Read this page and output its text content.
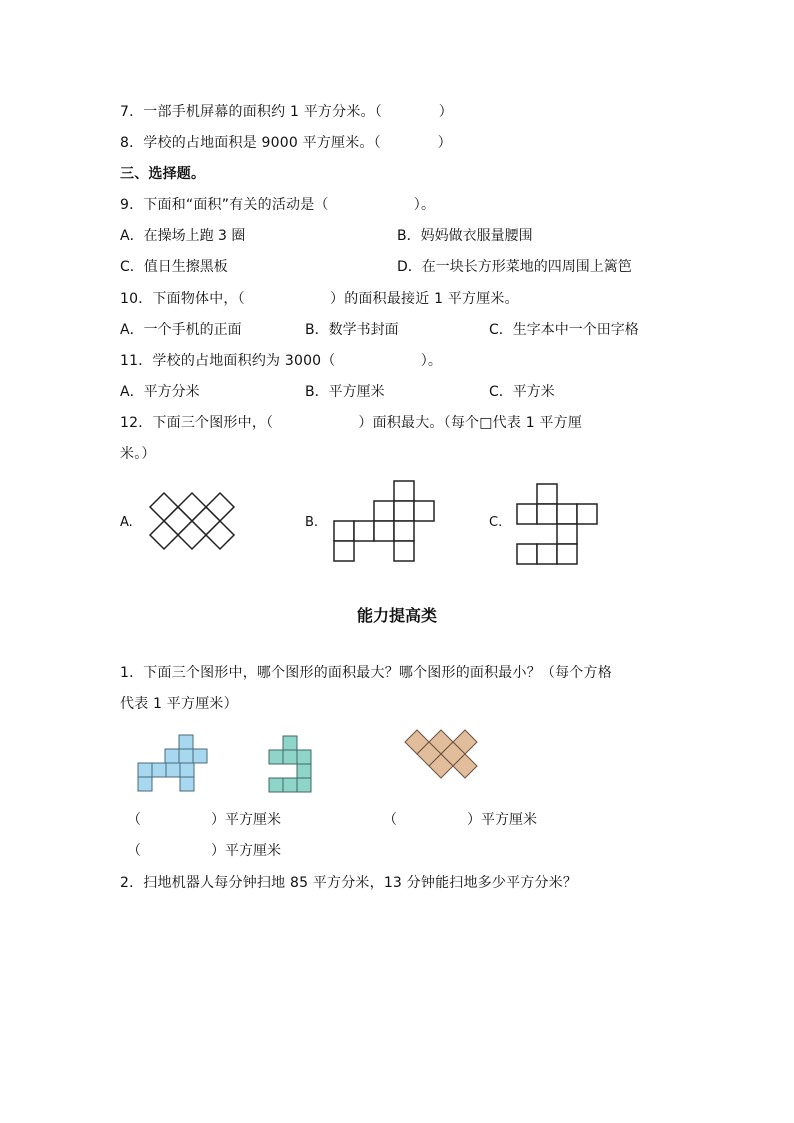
7．一部手机屏幕的面积约 1 平方分米。（　　　　）
8．学校的占地面积是 9000 平方厘米。（　　　　）
三、选择题。
9．下面和“面积”有关的活动是（　　　　　　）。
A．在操场上跑 3 圈	B．妈妈做衣服量腰围
C．值日生擦黑板	D．在一块长方形菜地的四周围上篱笆
10．下面物体中，（　　　　　　）的面积最接近 1 平方厘米。
A．一个手机的正面	B．数学书封面	C．生字本中一个田字格
11．学校的占地面积约为 3000（　　　　　　）。
A．平方分米	B．平方厘米	C．平方米
12．下面三个图形中，（　　　　　　）面积最大。（每个□代表 1 平方厘
米。）
A.	B.	C.
能力提高类
1．下面三个图形中，哪个图形的面积最大？哪个图形的面积最小？（每个方格
代表 1 平方厘米）
（　　　　　）平方厘米	（　　　　　）平方厘米
（　　　　　）平方厘米
2．扫地机器人每分钟扫地 85 平方分米，13 分钟能扫地多少平方分米？
